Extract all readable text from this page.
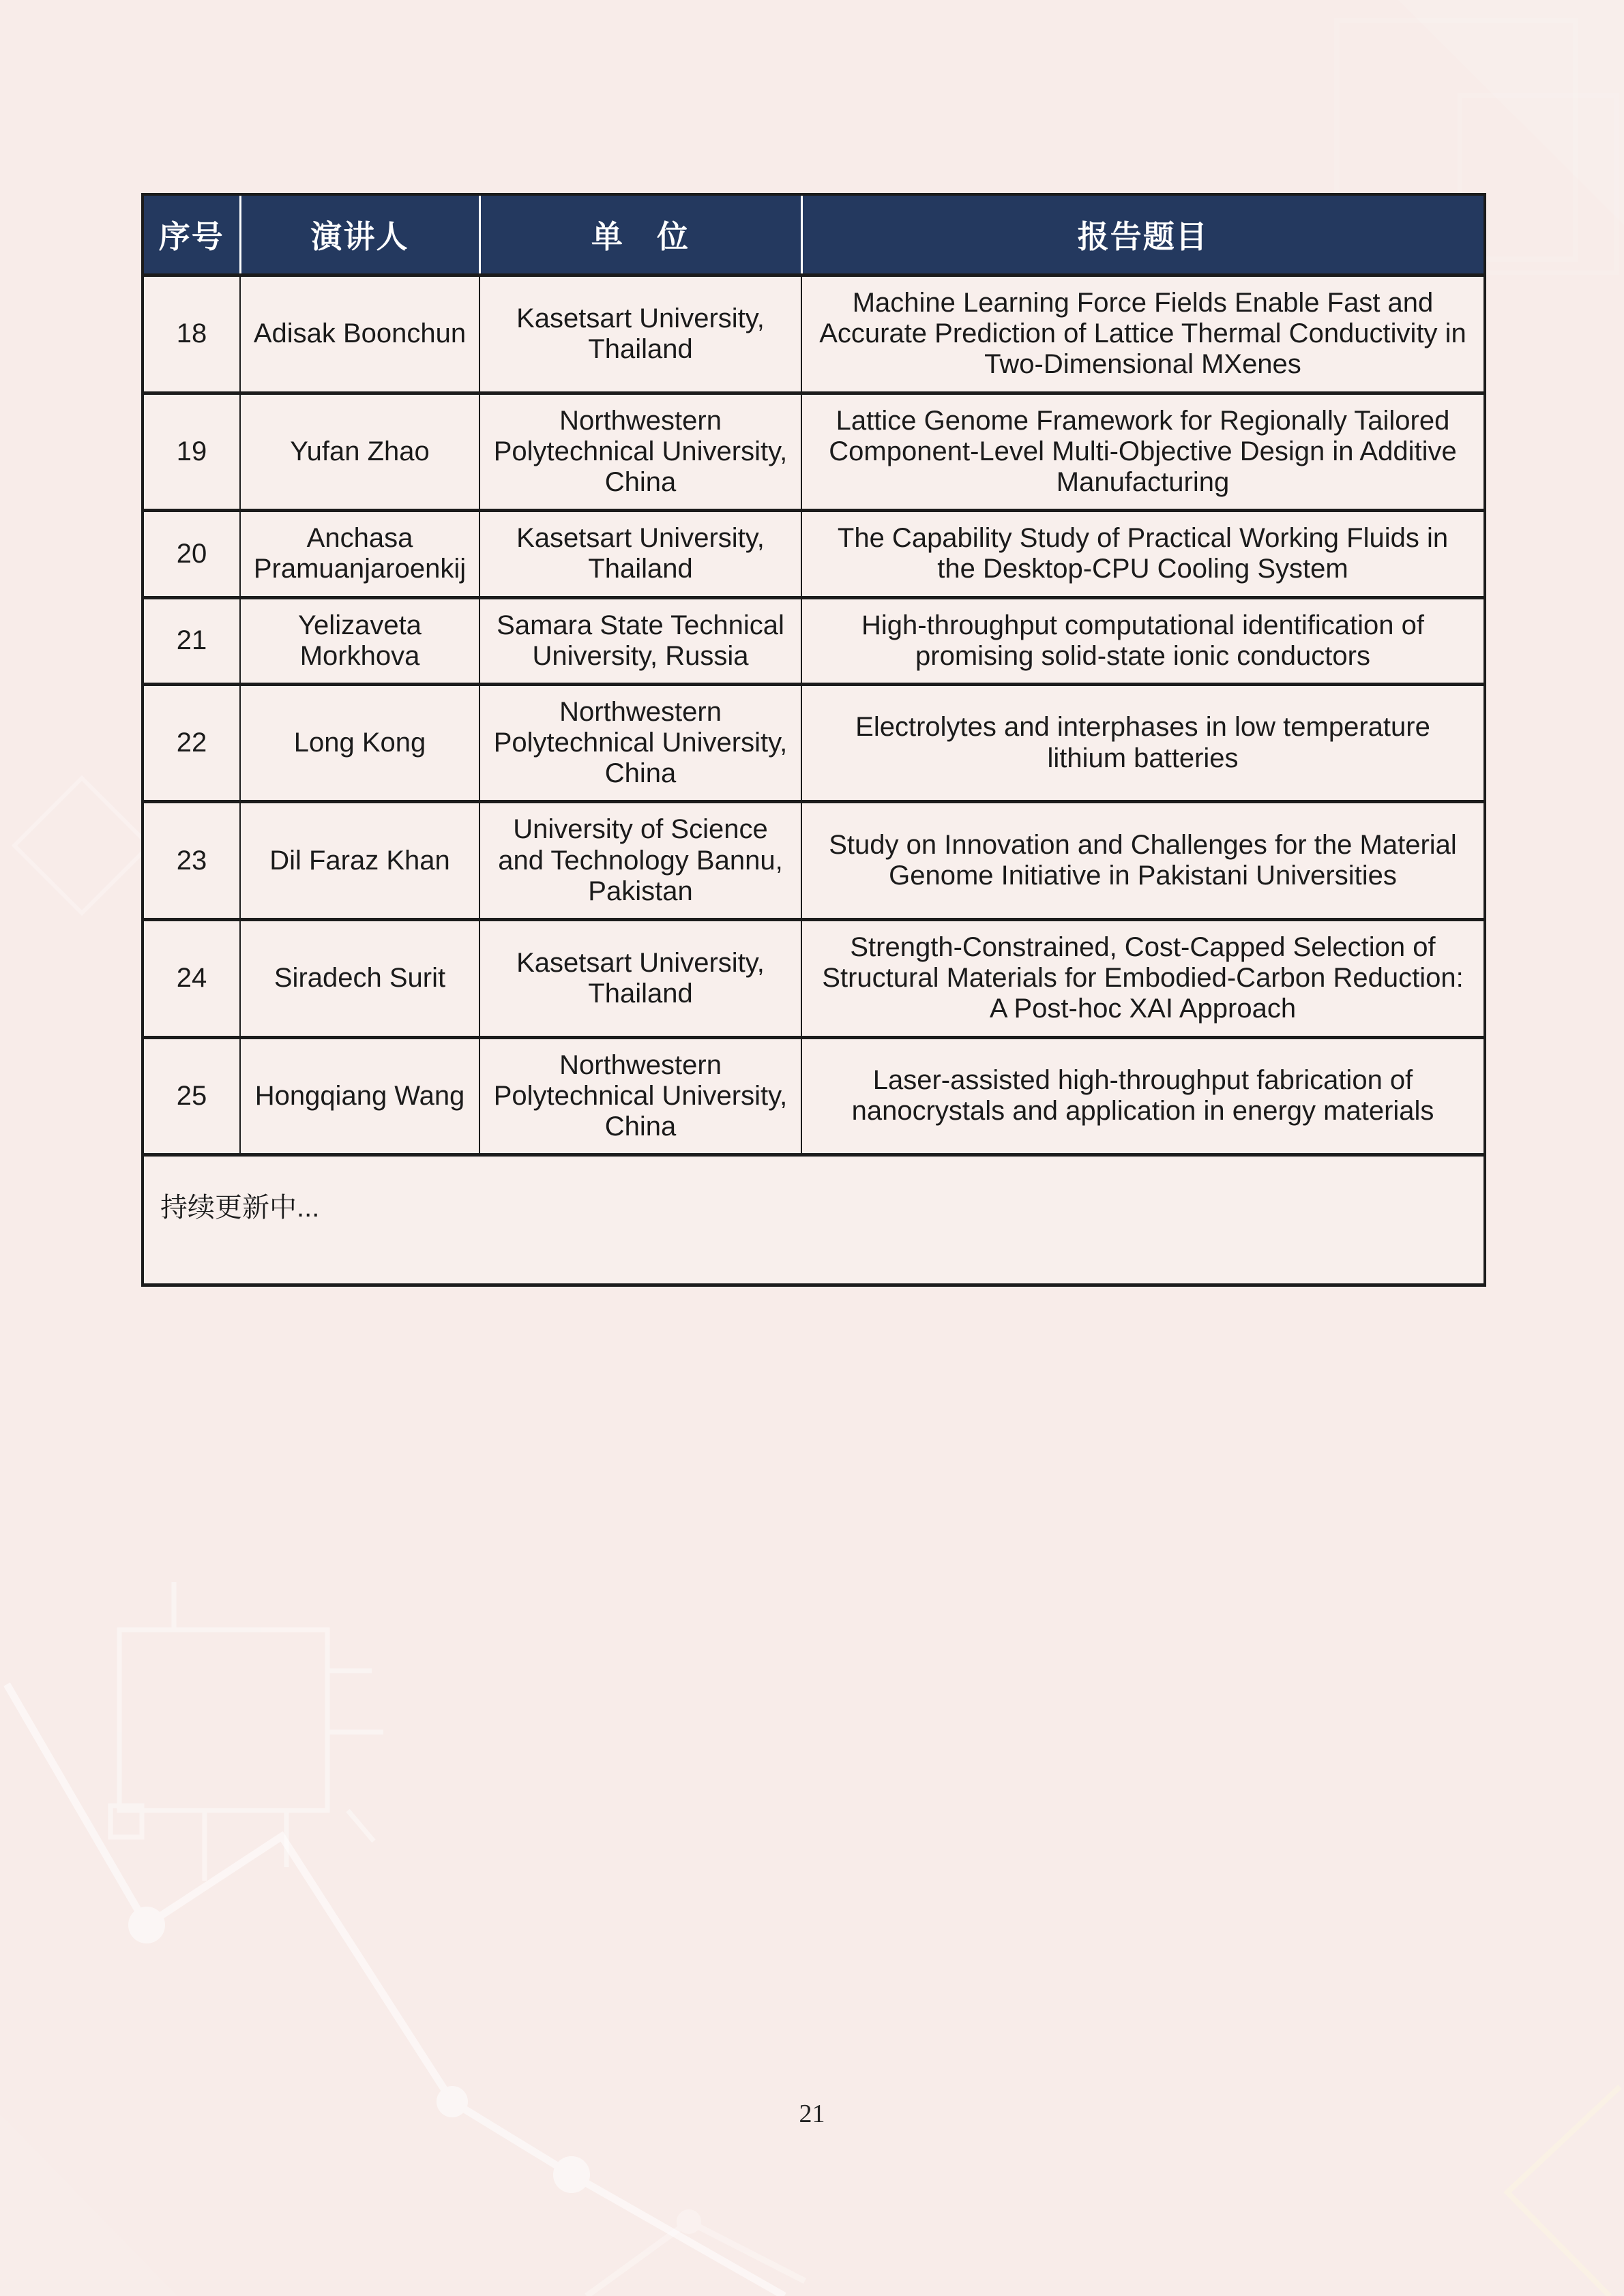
序号	演讲人	单　位	报告题目
18	Adisak Boonchun	Kasetsart University, Thailand	Machine Learning Force Fields Enable Fast and Accurate Prediction of Lattice Thermal Conductivity in Two-Dimensional MXenes
19	Yufan Zhao	Northwestern Polytechnical University, China	Lattice Genome Framework for Regionally Tailored Component-Level Multi-Objective Design in Additive Manufacturing
20	Anchasa Pramuanjaroenkij	Kasetsart University, Thailand	The Capability Study of Practical Working Fluids in the Desktop-CPU Cooling System
21	Yelizaveta Morkhova	Samara State Technical University, Russia	High-throughput computational identification of promising solid-state ionic conductors
22	Long Kong	Northwestern Polytechnical University, China	Electrolytes and interphases in low temperature lithium batteries
23	Dil Faraz Khan	University of Science and Technology Bannu, Pakistan	Study on Innovation and Challenges for the Material Genome Initiative in Pakistani Universities
24	Siradech Surit	Kasetsart University, Thailand	Strength-Constrained, Cost-Capped Selection of Structural Materials for Embodied-Carbon Reduction: A Post-hoc XAI Approach
25	Hongqiang Wang	Northwestern Polytechnical University, China	Laser-assisted high-throughput fabrication of nanocrystals and application in energy materials
持续更新中...			
21
